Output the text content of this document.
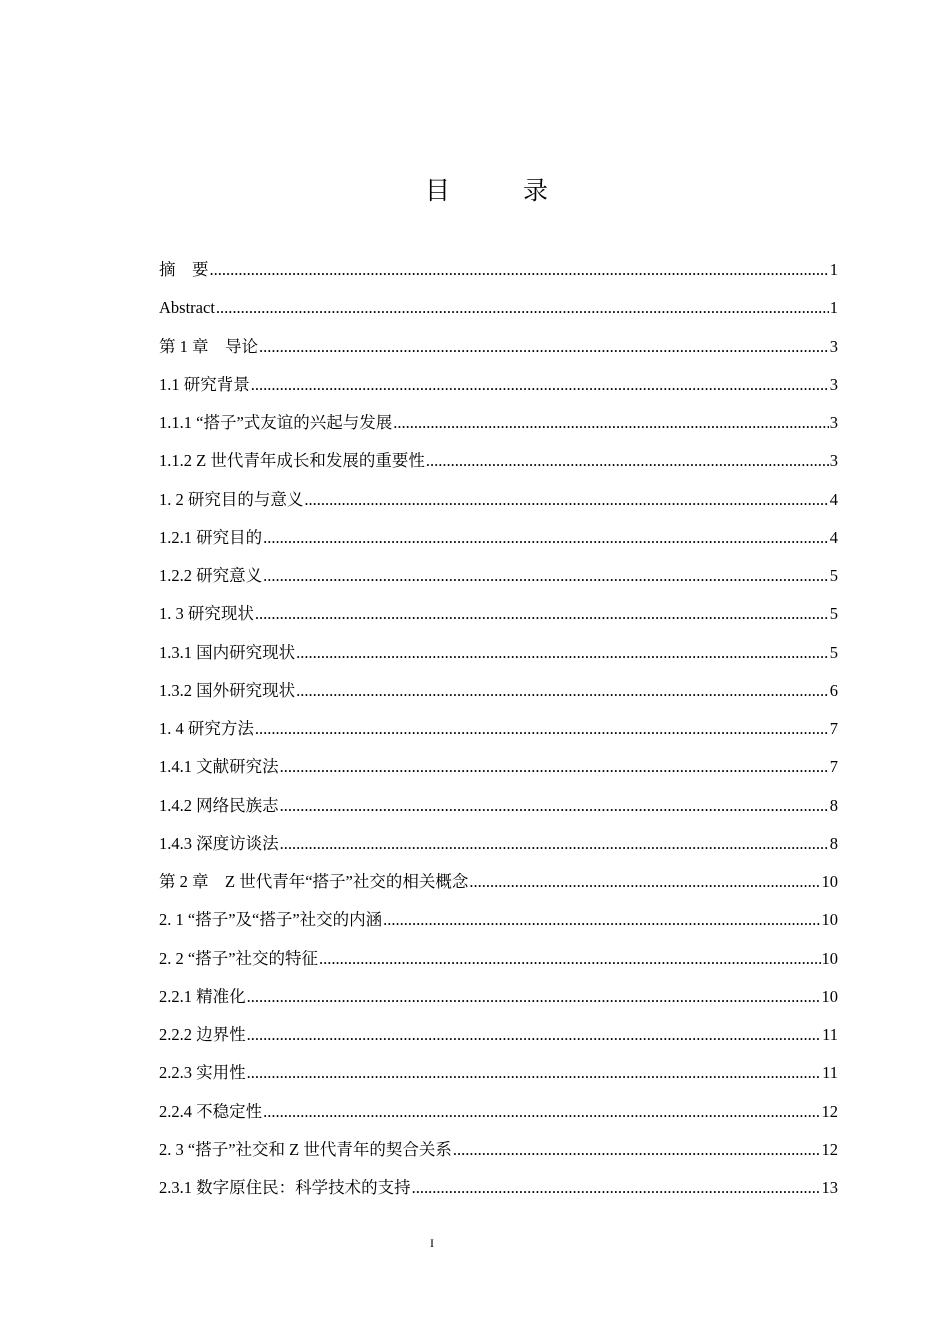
目　录
摘　要 .....	1
Abstract .....	1
第 1 章　导论 .....	3
1.1 研究背景 .....	3
1.1.1 “搭子”式友谊的兴起与发展 .....	3
1.1.2 Z 世代青年成长和发展的重要性 .....	3
1. 2 研究目的与意义 .....	4
1.2.1 研究目的 .....	4
1.2.2 研究意义 .....	5
1. 3 研究现状 .....	5
1.3.1 国内研究现状 .....	5
1.3.2 国外研究现状 .....	6
1. 4 研究方法 .....	7
1.4.1 文献研究法 .....	7
1.4.2 网络民族志 .....	8
1.4.3 深度访谈法 .....	8
第 2 章　Z 世代青年“搭子”社交的相关概念 .....	10
2. 1 “搭子”及“搭子”社交的内涵 .....	10
2. 2 “搭子”社交的特征 .....	10
2.2.1 精准化 .....	10
2.2.2 边界性 .....	11
2.2.3 实用性 .....	11
2.2.4 不稳定性 .....	12
2. 3 “搭子”社交和 Z 世代青年的契合关系 .....	12
2.3.1 数字原住民：科学技术的支持 .....	13
I
